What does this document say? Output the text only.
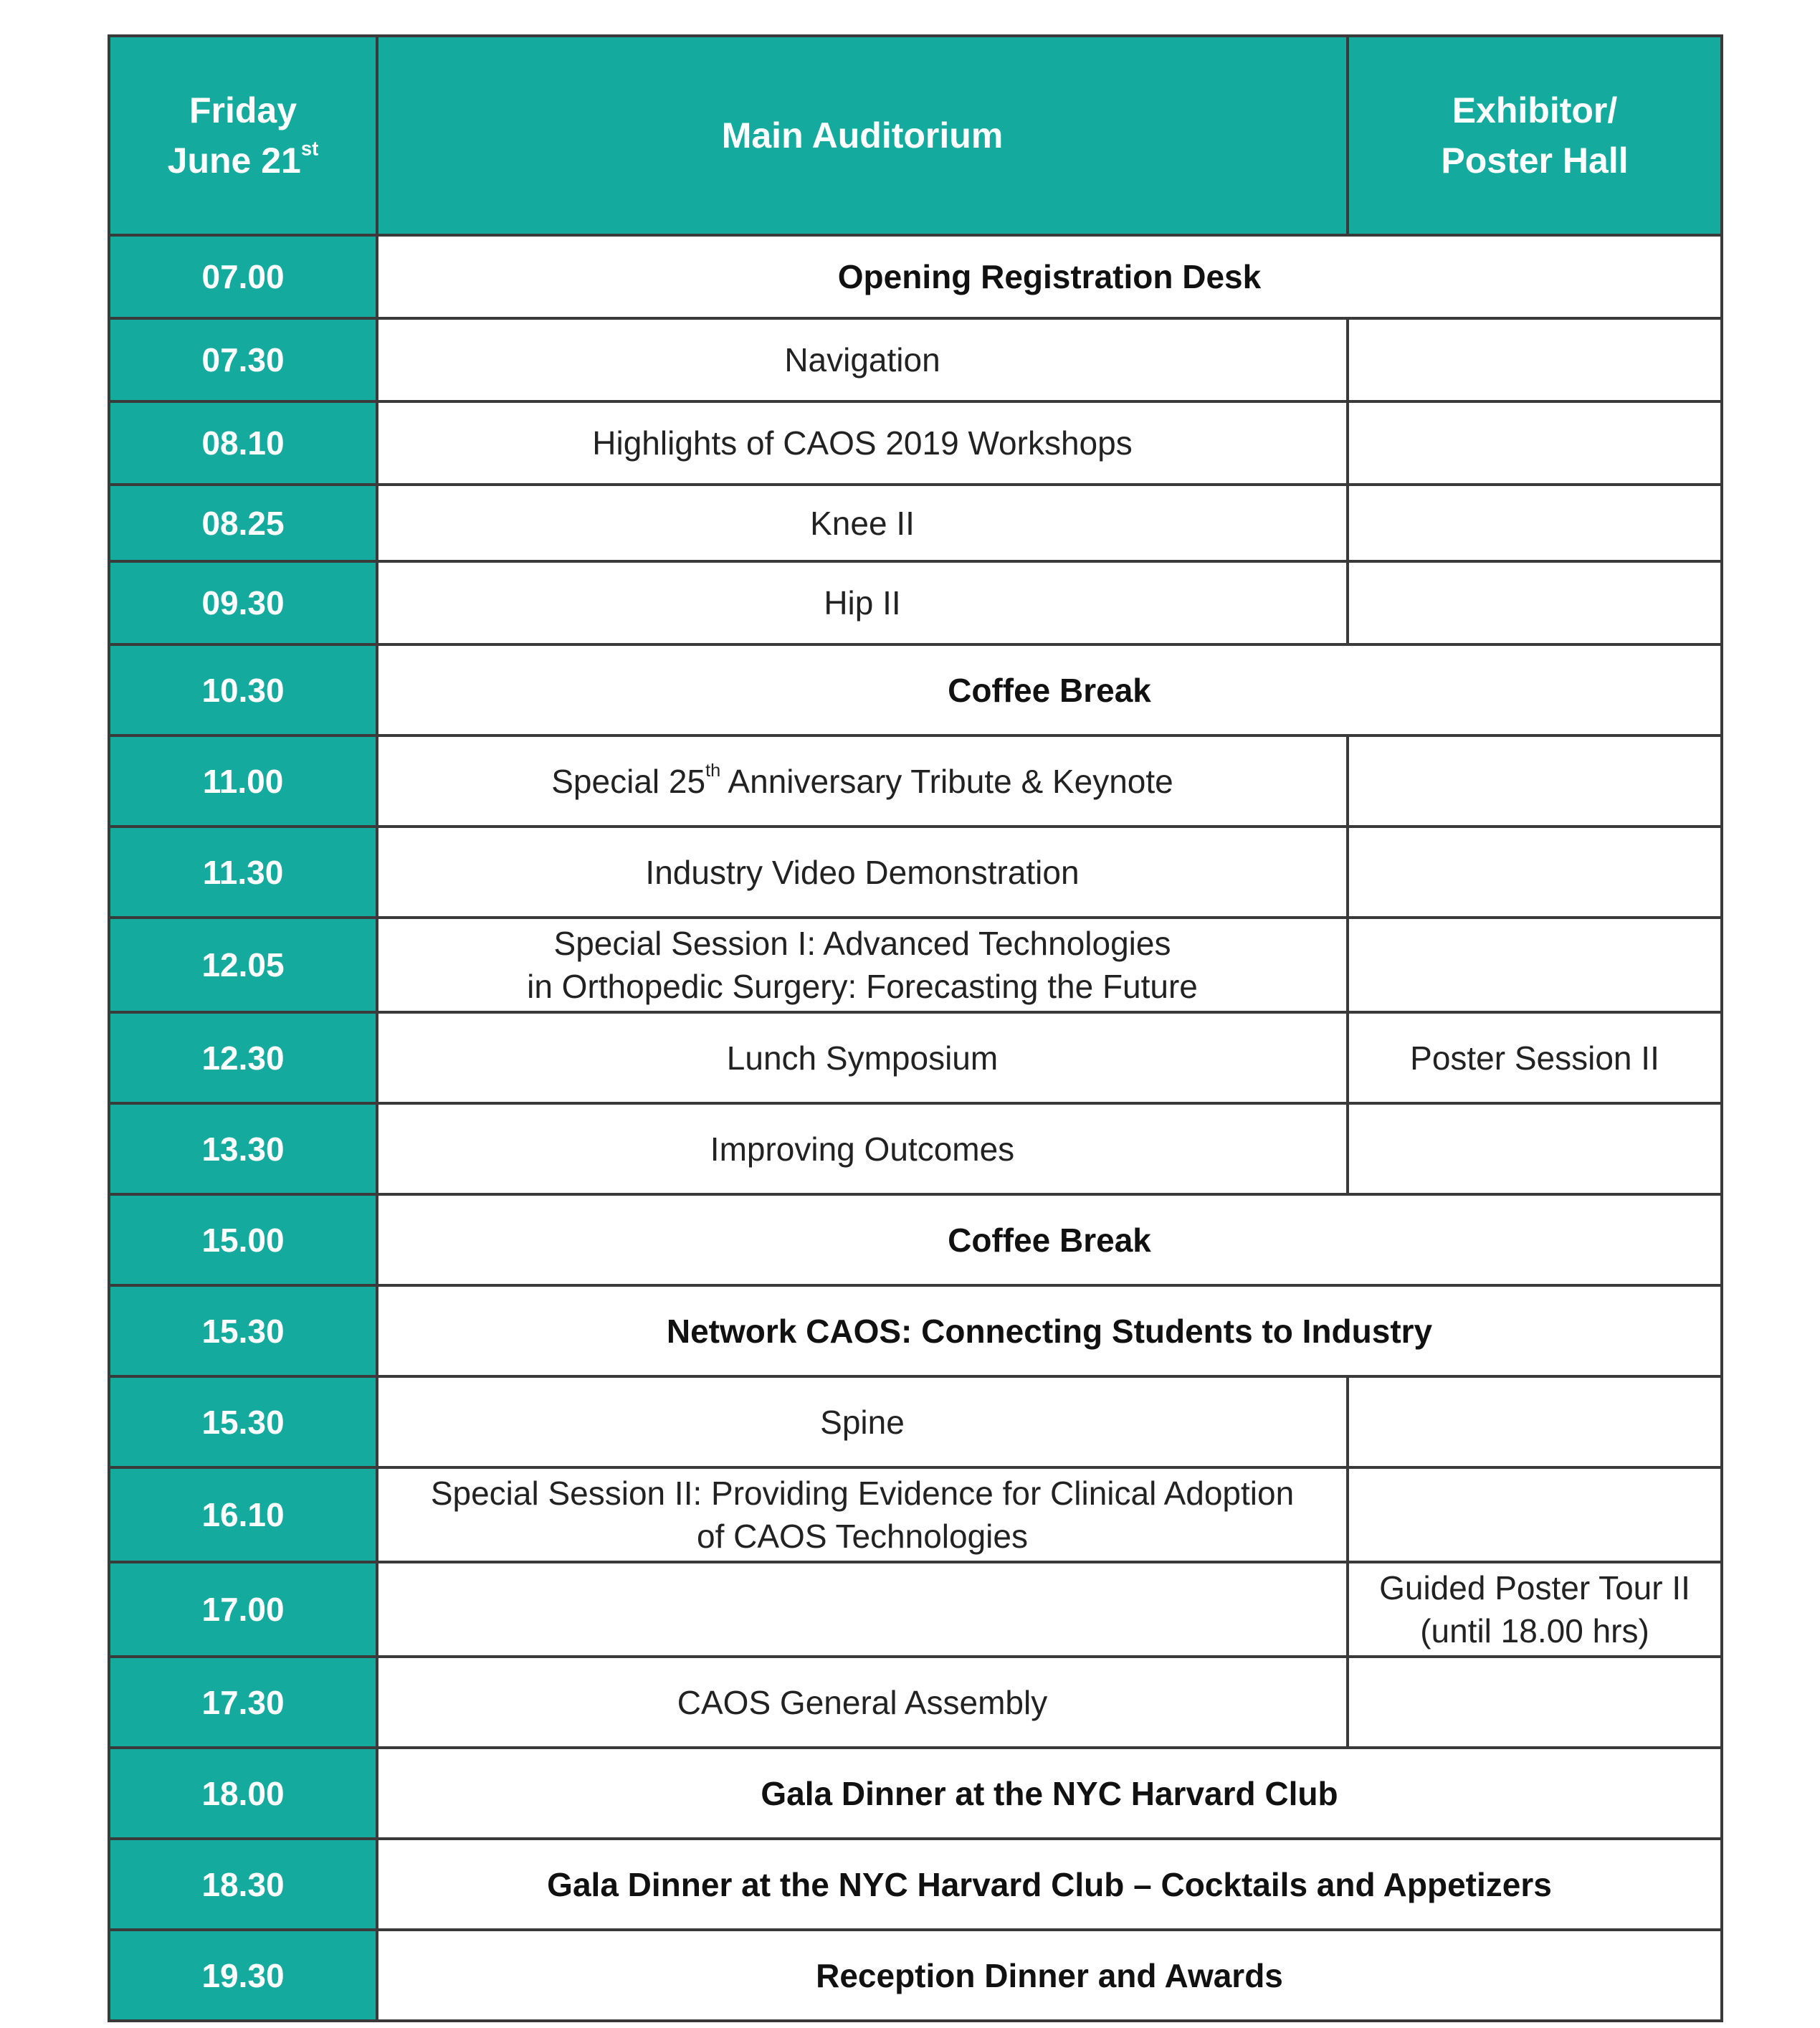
Friday
June 21st	Main Auditorium	Exhibitor/
Poster Hall

07.00	Opening Registration Desk	
07.30	Navigation	
08.10	Highlights of CAOS 2019 Workshops	
08.25	Knee II	
09.30	Hip II	
10.30	Coffee Break	
11.00	Special 25th Anniversary Tribute & Keynote	
11.30	Industry Video Demonstration	
12.05	Special Session I: Advanced Technologies
in Orthopedic Surgery: Forecasting the Future	

12.30	Lunch Symposium	Poster Session II
13.30	Improving Outcomes	
15.00	Coffee Break	
15.30	Network CAOS: Connecting Students to Industry	
15.30	Spine	
16.10	Special Session II: Providing Evidence for Clinical Adoption
of CAOS Technologies	

17.00		Guided Poster Tour II
(until 18.00 hrs)

17.30	CAOS General Assembly	
18.00	Gala Dinner at the NYC Harvard Club	
18.30	Gala Dinner at the NYC Harvard Club – Cocktails and Appetizers	
19.30	Reception Dinner and Awards	
